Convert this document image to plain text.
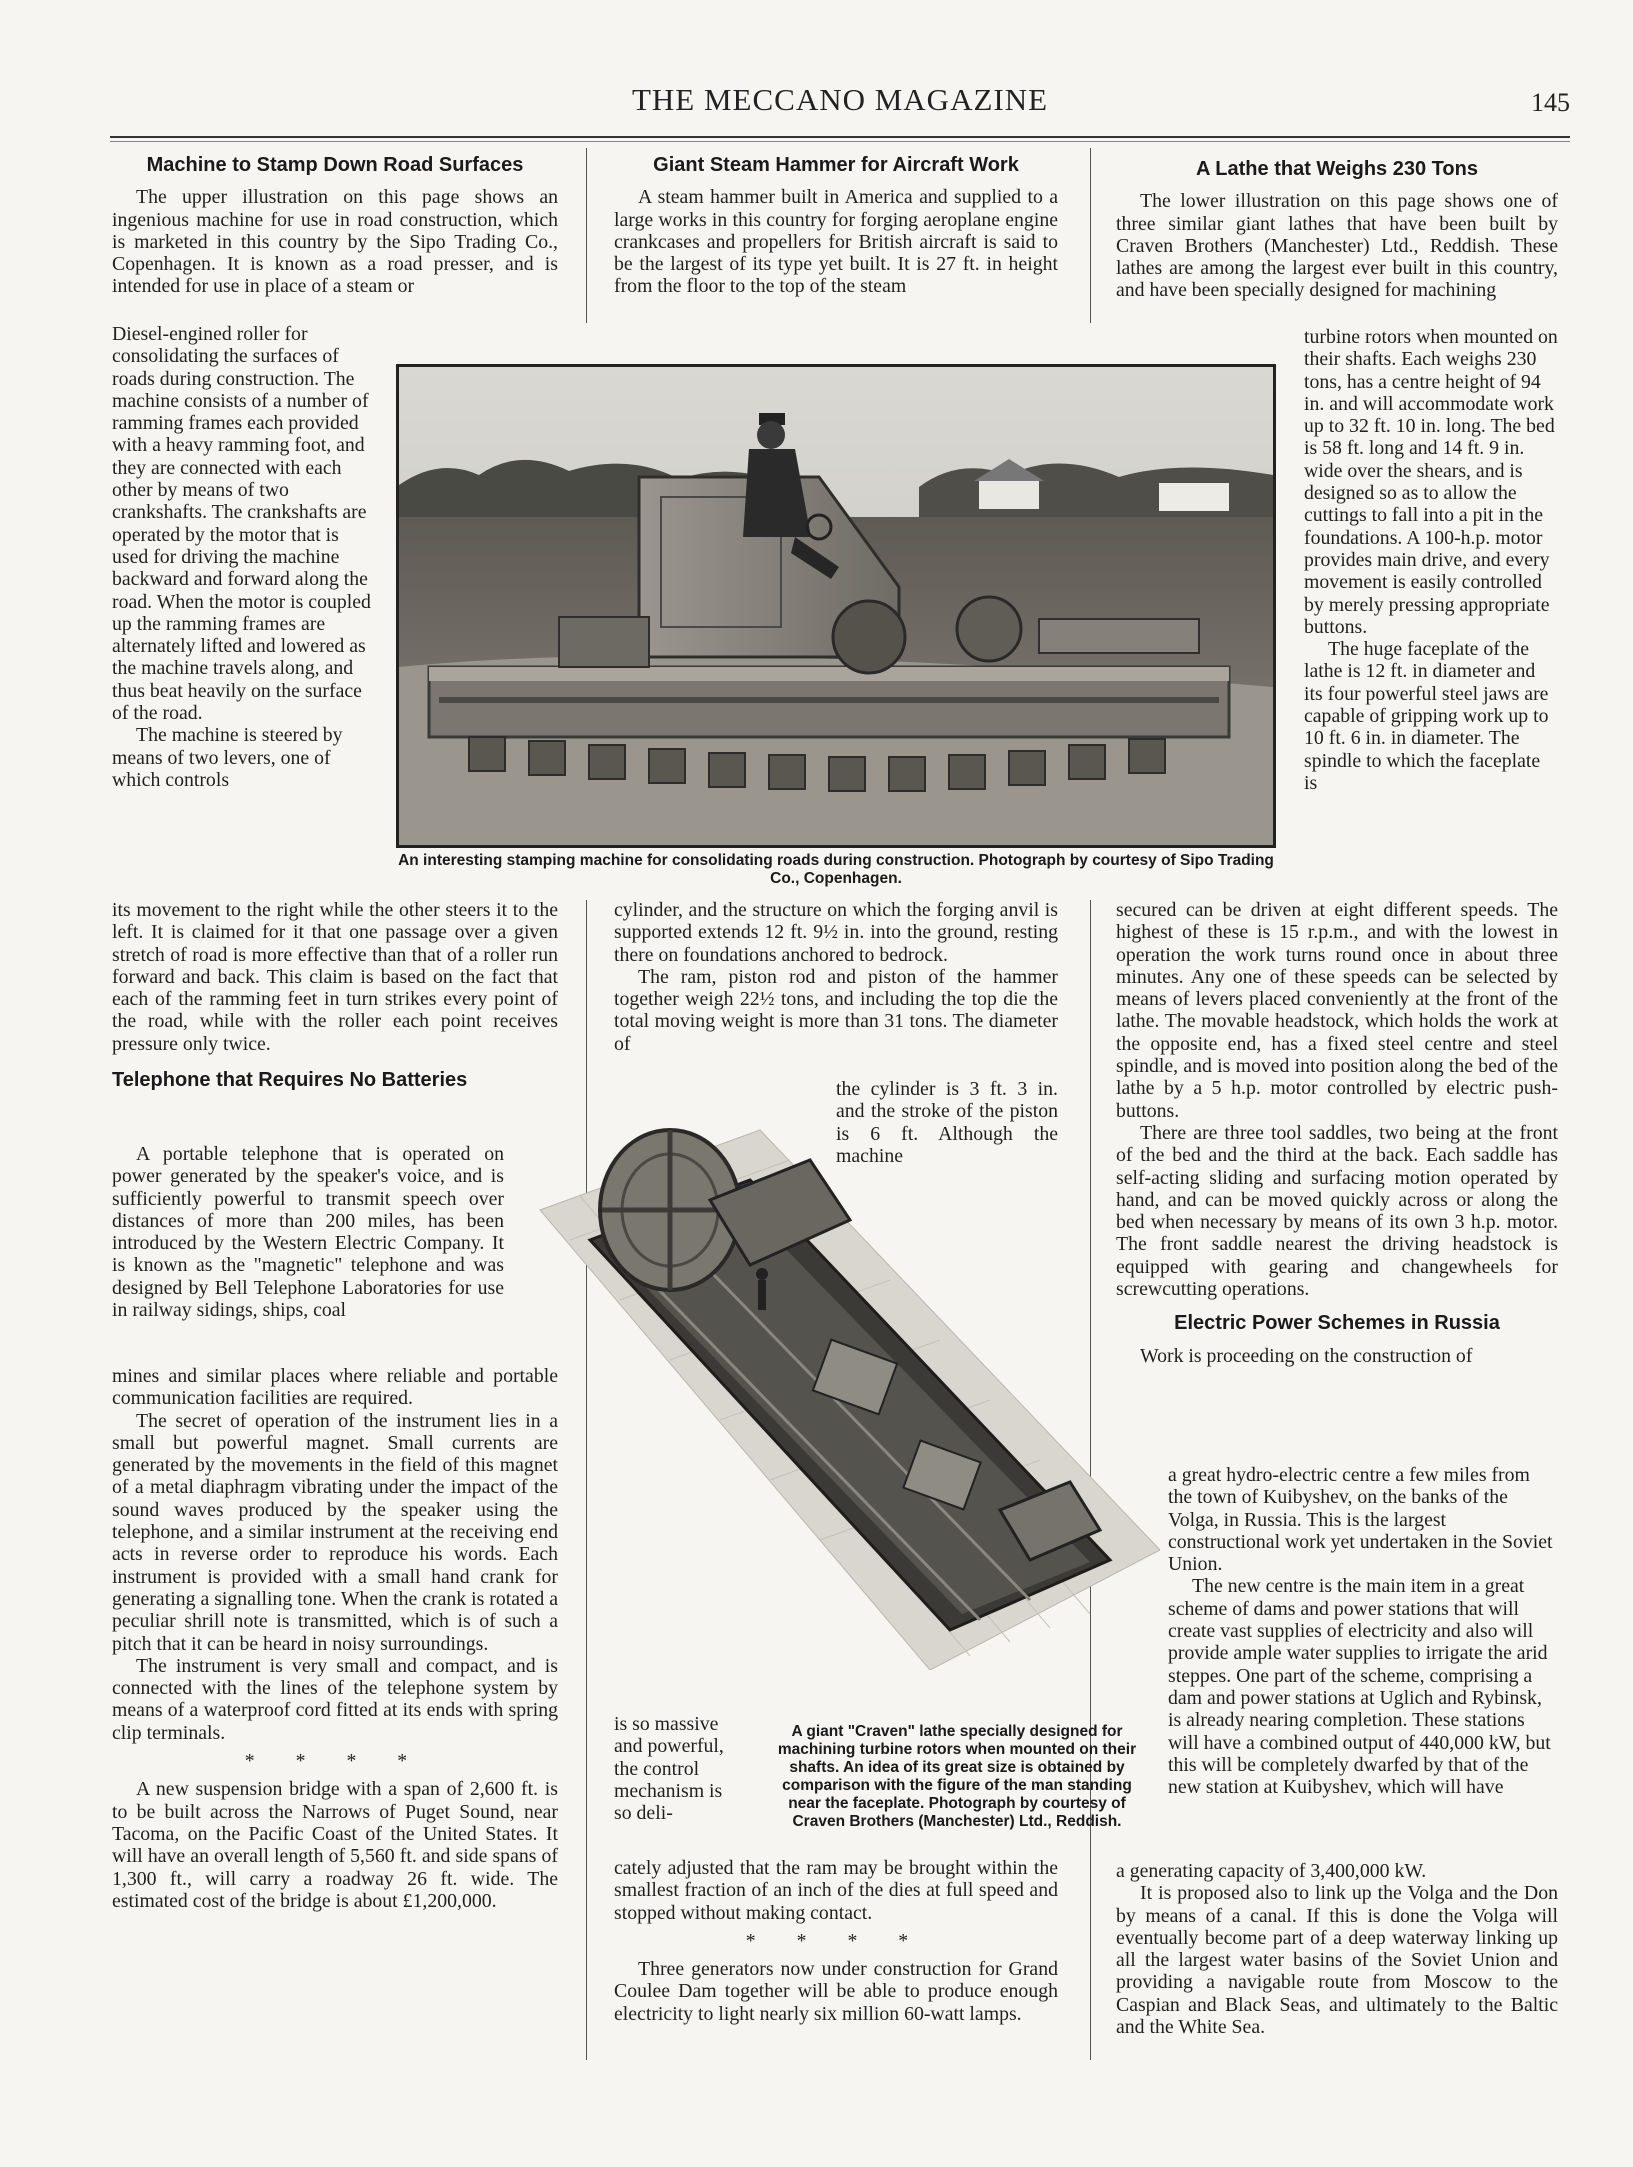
THE MECCANO MAGAZINE	145
Machine to Stamp Down Road Surfaces

The upper illustration on this page shows an ingenious machine for use in road construction, which is marketed in this country by the Sipo Trading Co., Copenhagen. It is known as a road presser, and is intended for use in place of a steam or

Diesel-engined roller for consolidating the surfaces of roads during construction. The machine consists of a number of ramming frames each provided with a heavy ramming foot, and they are connected with each other by means of two crankshafts. The crankshafts are operated by the motor that is used for driving the machine backward and forward along the road. When the motor is coupled up the ramming frames are alternately lifted and lowered as the machine travels along, and thus beat heavily on the surface of the road.

The machine is steered by means of two levers, one of which controls

its movement to the right while the other steers it to the left. It is claimed for it that one passage over a given stretch of road is more effective than that of a roller run forward and back. This claim is based on the fact that each of the ramming feet in turn strikes every point of the road, while with the roller each point receives pressure only twice.

Telephone that Requires No Batteries

A portable telephone that is operated on power generated by the speaker's voice, and is sufficiently powerful to transmit speech over distances of more than 200 miles, has been introduced by the Western Electric Company. It is known as the "magnetic" telephone and was designed by Bell Telephone Laboratories for use in railway sidings, ships, coal

mines and similar places where reliable and portable communication facilities are required.

The secret of operation of the instrument lies in a small but powerful magnet. Small currents are generated by the movements in the field of this magnet of a metal diaphragm vibrating under the impact of the sound waves produced by the speaker using the telephone, and a similar instrument at the receiving end acts in reverse order to reproduce his words. Each instrument is provided with a small hand crank for generating a signalling tone. When the crank is rotated a peculiar shrill note is transmitted, which is of such a pitch that it can be heard in noisy surroundings.

The instrument is very small and compact, and is connected with the lines of the telephone system by means of a waterproof cord fitted at its ends with spring clip terminals.

* * * *

A new suspension bridge with a span of 2,600 ft. is to be built across the Narrows of Puget Sound, near Tacoma, on the Pacific Coast of the United States. It will have an overall length of 5,560 ft. and side spans of 1,300 ft., will carry a roadway 26 ft. wide. The estimated cost of the bridge is about £1,200,000.

Giant Steam Hammer for Aircraft Work

A steam hammer built in America and supplied to a large works in this country for forging aeroplane engine crankcases and propellers for British aircraft is said to be the largest of its type yet built. It is 27 ft. in height from the floor to the top of the steam

cylinder, and the structure on which the forging anvil is supported extends 12 ft. 9½ in. into the ground, resting there on foundations anchored to bedrock.

The ram, piston rod and piston of the hammer together weigh 22½ tons, and including the top die the total moving weight is more than 31 tons. The diameter of

the cylinder is 3 ft. 3 in. and the stroke of the piston is 6 ft. Although the machine

is so massive and powerful, the control mechanism is so deli-

cately adjusted that the ram may be brought within the smallest fraction of an inch of the dies at full speed and stopped without making contact.

* * * *

Three generators now under construction for Grand Coulee Dam together will be able to produce enough electricity to light nearly six million 60-watt lamps.

A Lathe that Weighs 230 Tons

The lower illustration on this page shows one of three similar giant lathes that have been built by Craven Brothers (Manchester) Ltd., Reddish. These lathes are among the largest ever built in this country, and have been specially designed for machining

turbine rotors when mounted on their shafts. Each weighs 230 tons, has a centre height of 94 in. and will accommodate work up to 32 ft. 10 in. long. The bed is 58 ft. long and 14 ft. 9 in. wide over the shears, and is designed so as to allow the cuttings to fall into a pit in the foundations. A 100-h.p. motor provides main drive, and every movement is easily controlled by merely pressing appropriate buttons.

The huge faceplate of the lathe is 12 ft. in diameter and its four powerful steel jaws are capable of gripping work up to 10 ft. 6 in. in diameter. The spindle to which the faceplate is

secured can be driven at eight different speeds. The highest of these is 15 r.p.m., and with the lowest in operation the work turns round once in about three minutes. Any one of these speeds can be selected by means of levers placed conveniently at the front of the lathe. The movable headstock, which holds the work at the opposite end, has a fixed steel centre and steel spindle, and is moved into position along the bed of the lathe by a 5 h.p. motor controlled by electric push-buttons.

There are three tool saddles, two being at the front of the bed and the third at the back. Each saddle has self-acting sliding and surfacing motion operated by hand, and can be moved quickly across or along the bed when necessary by means of its own 3 h.p. motor. The front saddle nearest the driving headstock is equipped with gearing and changewheels for screwcutting operations.

Electric Power Schemes in Russia

Work is proceeding on the construction of

a great hydro-electric centre a few miles from the town of Kuibyshev, on the banks of the Volga, in Russia. This is the largest constructional work yet undertaken in the Soviet Union.

The new centre is the main item in a great scheme of dams and power stations that will create vast supplies of electricity and also will provide ample water supplies to irrigate the arid steppes. One part of the scheme, comprising a dam and power stations at Uglich and Rybinsk, is already nearing completion. These stations will have a combined output of 440,000 kW, but this will be completely dwarfed by that of the new station at Kuibyshev, which will have

a generating capacity of 3,400,000 kW.

It is proposed also to link up the Volga and the Don by means of a canal. If this is done the Volga will eventually become part of a deep waterway linking up all the largest water basins of the Soviet Union and providing a navigable route from Moscow to the Caspian and Black Seas, and ultimately to the Baltic and the White Sea.

An interesting stamping machine for consolidating roads during construction. Photograph by courtesy of Sipo Trading Co., Copenhagen.
A giant "Craven" lathe specially designed for machining turbine rotors when mounted on their shafts. An idea of its great size is obtained by comparison with the figure of the man standing near the faceplate. Photograph by courtesy of Craven Brothers (Manchester) Ltd., Reddish.
